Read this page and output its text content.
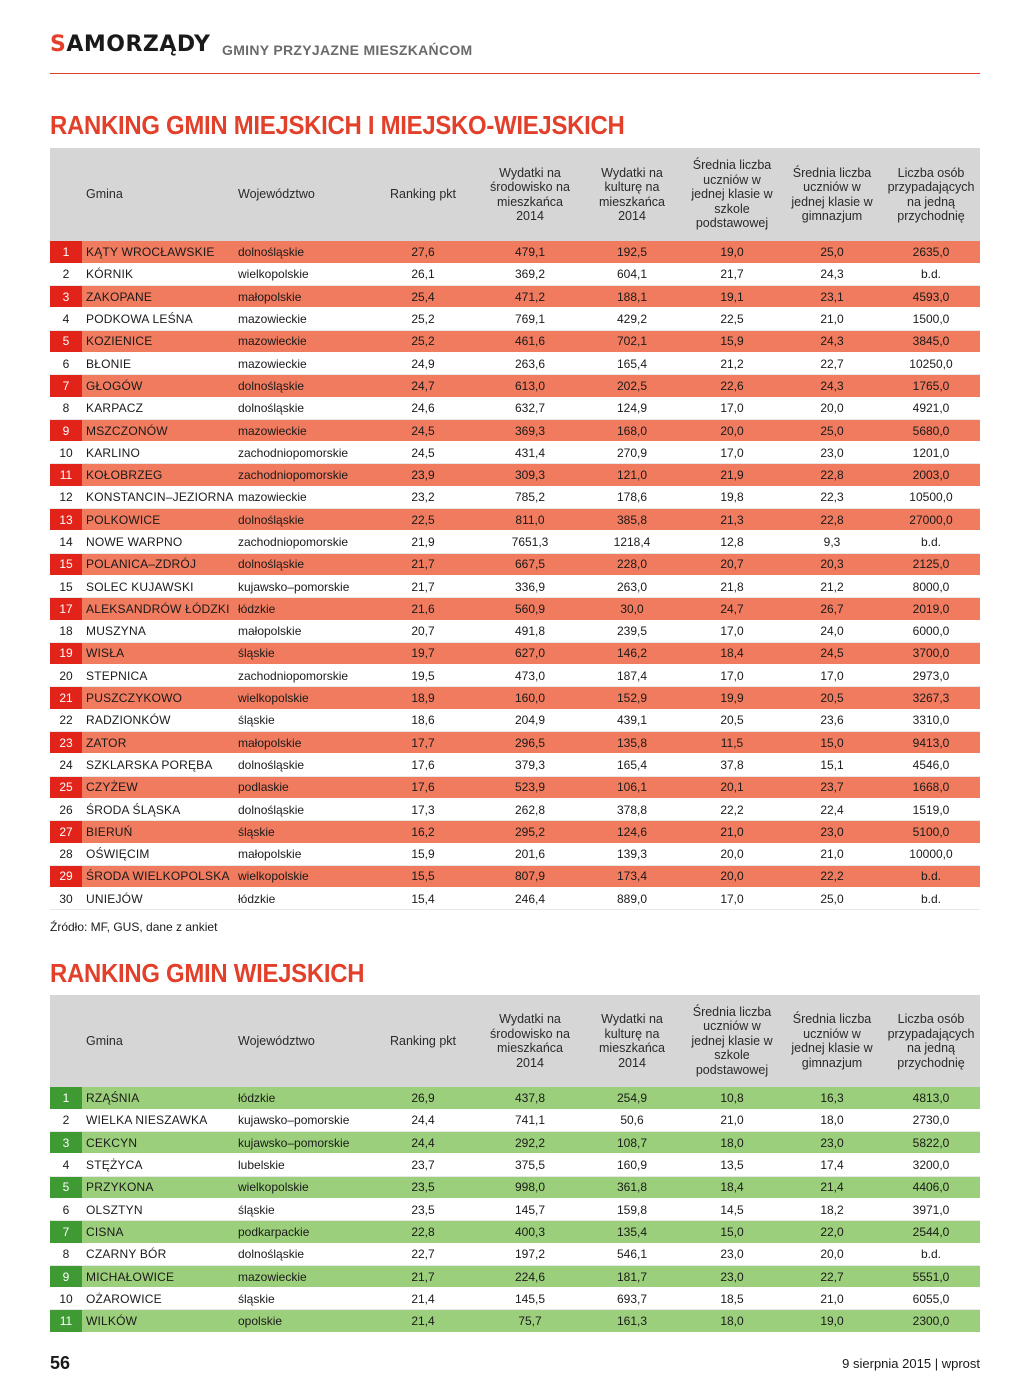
SAMORZĄDY GMINY PRZYJAZNE MIESZKAŃCOM
RANKING GMIN MIEJSKICH I MIEJSKO-WIEJSKICH
	Gmina	Województwo	Ranking pkt	Wydatki na środowisko na mieszkańca 2014	Wydatki na kulturę na mieszkańca 2014	Średnia liczba uczniów w jednej klasie w szkole podstawowej	Średnia liczba uczniów w jednej klasie w gimnazjum	Liczba osób przypadających na jedną przychodnię
1	KĄTY WROCŁAWSKIE	dolnośląskie	27,6	479,1	192,5	19,0	25,0	2635,0
2	KÓRNIK	wielkopolskie	26,1	369,2	604,1	21,7	24,3	b.d.
3	ZAKOPANE	małopolskie	25,4	471,2	188,1	19,1	23,1	4593,0
4	PODKOWA LEŚNA	mazowieckie	25,2	769,1	429,2	22,5	21,0	1500,0
5	KOZIENICE	mazowieckie	25,2	461,6	702,1	15,9	24,3	3845,0
6	BŁONIE	mazowieckie	24,9	263,6	165,4	21,2	22,7	10250,0
7	GŁOGÓW	dolnośląskie	24,7	613,0	202,5	22,6	24,3	1765,0
8	KARPACZ	dolnośląskie	24,6	632,7	124,9	17,0	20,0	4921,0
9	MSZCZONÓW	mazowieckie	24,5	369,3	168,0	20,0	25,0	5680,0
10	KARLINO	zachodniopomorskie	24,5	431,4	270,9	17,0	23,0	1201,0
11	KOŁOBRZEG	zachodniopomorskie	23,9	309,3	121,0	21,9	22,8	2003,0
12	KONSTANCIN–JEZIORNA	mazowieckie	23,2	785,2	178,6	19,8	22,3	10500,0
13	POLKOWICE	dolnośląskie	22,5	811,0	385,8	21,3	22,8	27000,0
14	NOWE WARPNO	zachodniopomorskie	21,9	7651,3	1218,4	12,8	9,3	b.d.
15	POLANICA–ZDRÓJ	dolnośląskie	21,7	667,5	228,0	20,7	20,3	2125,0
15	SOLEC KUJAWSKI	kujawsko–pomorskie	21,7	336,9	263,0	21,8	21,2	8000,0
17	ALEKSANDRÓW ŁÓDZKI	łódzkie	21,6	560,9	30,0	24,7	26,7	2019,0
18	MUSZYNA	małopolskie	20,7	491,8	239,5	17,0	24,0	6000,0
19	WISŁA	śląskie	19,7	627,0	146,2	18,4	24,5	3700,0
20	STEPNICA	zachodniopomorskie	19,5	473,0	187,4	17,0	17,0	2973,0
21	PUSZCZYKOWO	wielkopolskie	18,9	160,0	152,9	19,9	20,5	3267,3
22	RADZIONKÓW	śląskie	18,6	204,9	439,1	20,5	23,6	3310,0
23	ZATOR	małopolskie	17,7	296,5	135,8	11,5	15,0	9413,0
24	SZKLARSKA PORĘBA	dolnośląskie	17,6	379,3	165,4	37,8	15,1	4546,0
25	CZYŻEW	podlaskie	17,6	523,9	106,1	20,1	23,7	1668,0
26	ŚRODA ŚLĄSKA	dolnośląskie	17,3	262,8	378,8	22,2	22,4	1519,0
27	BIERUŃ	śląskie	16,2	295,2	124,6	21,0	23,0	5100,0
28	OŚWIĘCIM	małopolskie	15,9	201,6	139,3	20,0	21,0	10000,0
29	ŚRODA WIELKOPOLSKA	wielkopolskie	15,5	807,9	173,4	20,0	22,2	b.d.
30	UNIEJÓW	łódzkie	15,4	246,4	889,0	17,0	25,0	b.d.
Źródło: MF, GUS, dane z ankiet
RANKING GMIN WIEJSKICH
	Gmina	Województwo	Ranking pkt	Wydatki na środowisko na mieszkańca 2014	Wydatki na kulturę na mieszkańca 2014	Średnia liczba uczniów w jednej klasie w szkole podstawowej	Średnia liczba uczniów w jednej klasie w gimnazjum	Liczba osób przypadających na jedną przychodnię
1	RZĄŚNIA	łódzkie	26,9	437,8	254,9	10,8	16,3	4813,0
2	WIELKA NIESZAWKA	kujawsko–pomorskie	24,4	741,1	50,6	21,0	18,0	2730,0
3	CEKCYN	kujawsko–pomorskie	24,4	292,2	108,7	18,0	23,0	5822,0
4	STĘŻYCA	lubelskie	23,7	375,5	160,9	13,5	17,4	3200,0
5	PRZYKONA	wielkopolskie	23,5	998,0	361,8	18,4	21,4	4406,0
6	OLSZTYN	śląskie	23,5	145,7	159,8	14,5	18,2	3971,0
7	CISNA	podkarpackie	22,8	400,3	135,4	15,0	22,0	2544,0
8	CZARNY BÓR	dolnośląskie	22,7	197,2	546,1	23,0	20,0	b.d.
9	MICHAŁOWICE	mazowieckie	21,7	224,6	181,7	23,0	22,7	5551,0
10	OŻAROWICE	śląskie	21,4	145,5	693,7	18,5	21,0	6055,0
11	WILKÓW	opolskie	21,4	75,7	161,3	18,0	19,0	2300,0
56	9 sierpnia 2015 | wprost
